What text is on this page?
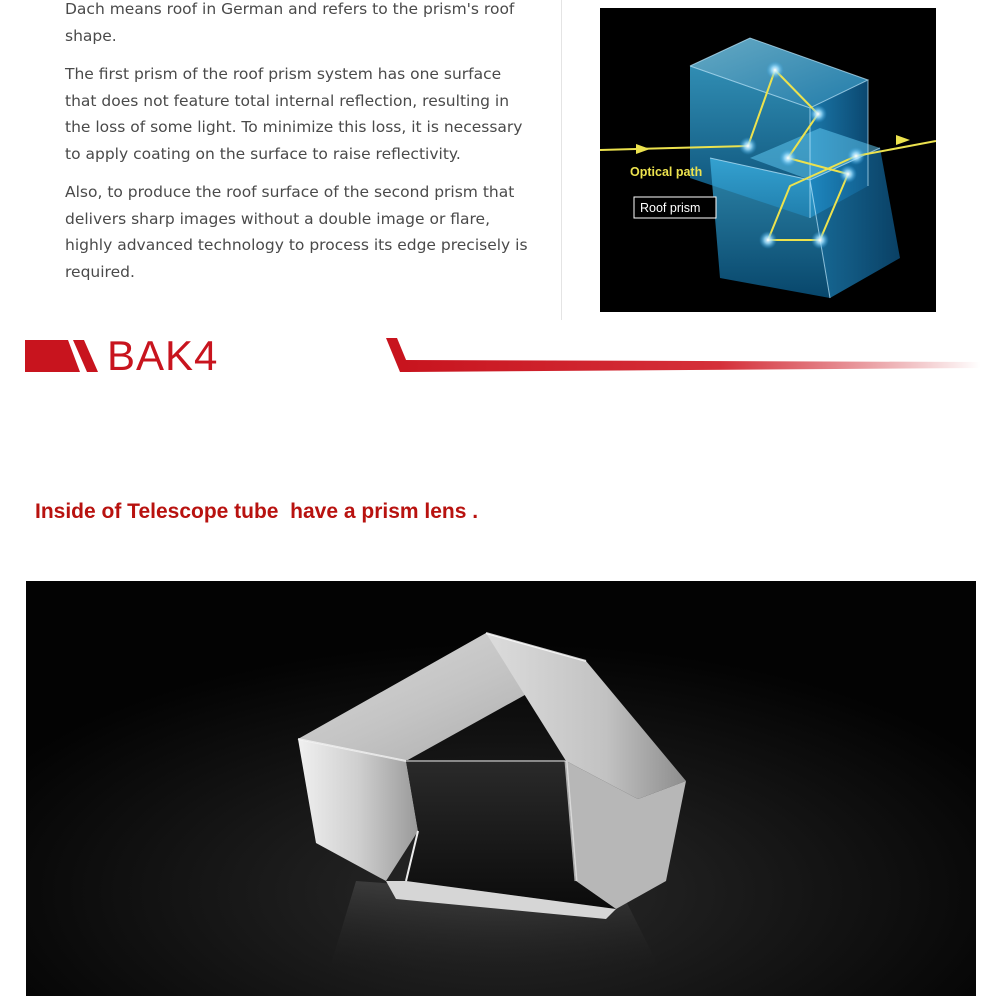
Dach means roof in German and refers to the prism's roof shape.

The first prism of the roof prism system has one surface that does not feature total internal reflection, resulting in the loss of some light. To minimize this loss, it is necessary to apply coating on the surface to raise reflectivity.

Also, to produce the roof surface of the second prism that delivers sharp images without a double image or flare, highly advanced technology to process its edge precisely is required.

Optical path
Roof prism
BAK4

Inside of Telescope tube  have a prism lens .
